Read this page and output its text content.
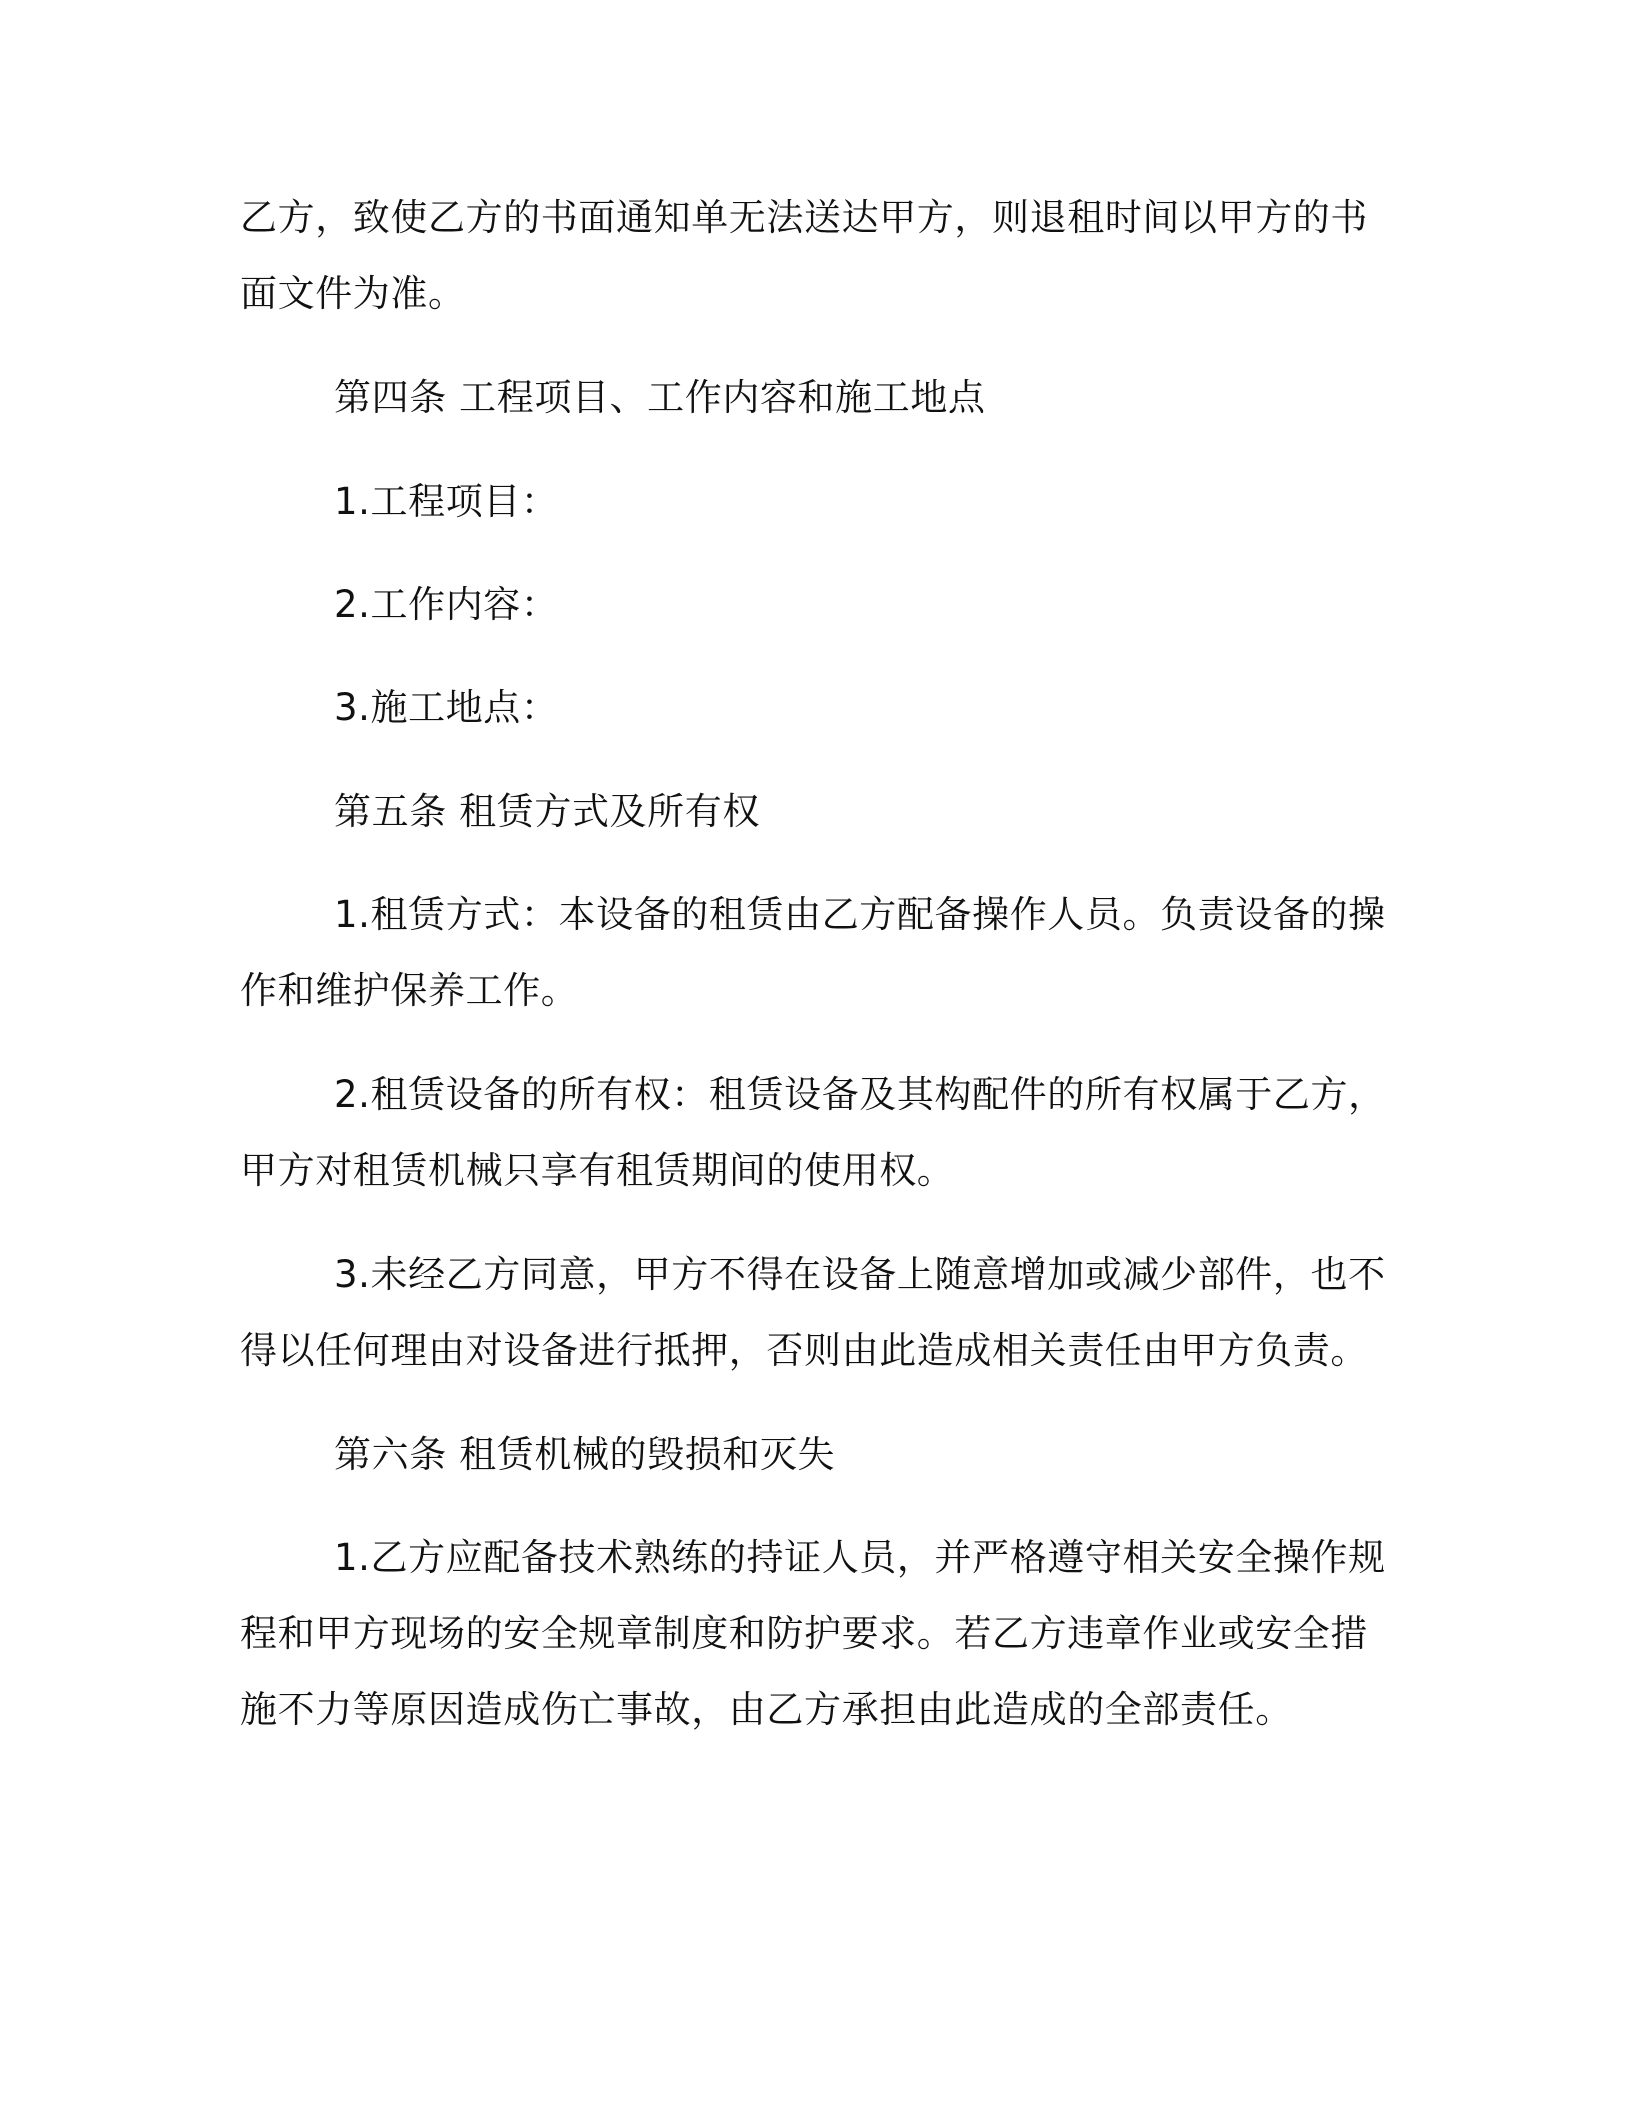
乙方，致使乙方的书面通知单无法送达甲方，则退租时间以甲方的书
面文件为准。
第四条 工程项目、工作内容和施工地点
1.工程项目：
2.工作内容：
3.施工地点：
第五条 租赁方式及所有权
1.租赁方式：本设备的租赁由乙方配备操作人员。负责设备的操
作和维护保养工作。
2.租赁设备的所有权：租赁设备及其构配件的所有权属于乙方，
甲方对租赁机械只享有租赁期间的使用权。
3.未经乙方同意，甲方不得在设备上随意增加或减少部件，也不
得以任何理由对设备进行抵押，否则由此造成相关责任由甲方负责。
第六条 租赁机械的毁损和灭失
1.乙方应配备技术熟练的持证人员，并严格遵守相关安全操作规
程和甲方现场的安全规章制度和防护要求。若乙方违章作业或安全措
施不力等原因造成伤亡事故，由乙方承担由此造成的全部责任。
